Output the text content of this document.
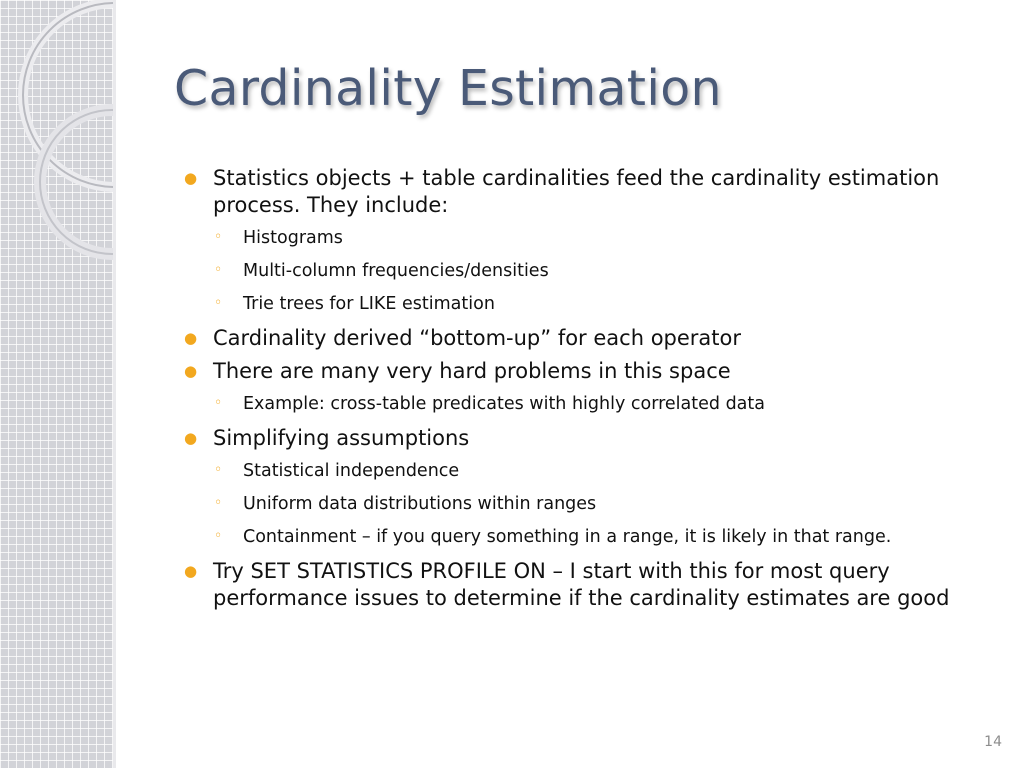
Cardinality Estimation
● Statistics objects + table cardinalities feed the cardinality estimation process. They include:
◦ Histograms
◦ Multi-column frequencies/densities
◦ Trie trees for LIKE estimation
● Cardinality derived “bottom-up” for each operator
● There are many very hard problems in this space
◦ Example: cross-table predicates with highly correlated data
● Simplifying assumptions
◦ Statistical independence
◦ Uniform data distributions within ranges
◦ Containment – if you query something in a range, it is likely in that range.
● Try SET STATISTICS PROFILE ON – I start with this for most query performance issues to determine if the cardinality estimates are good
14
